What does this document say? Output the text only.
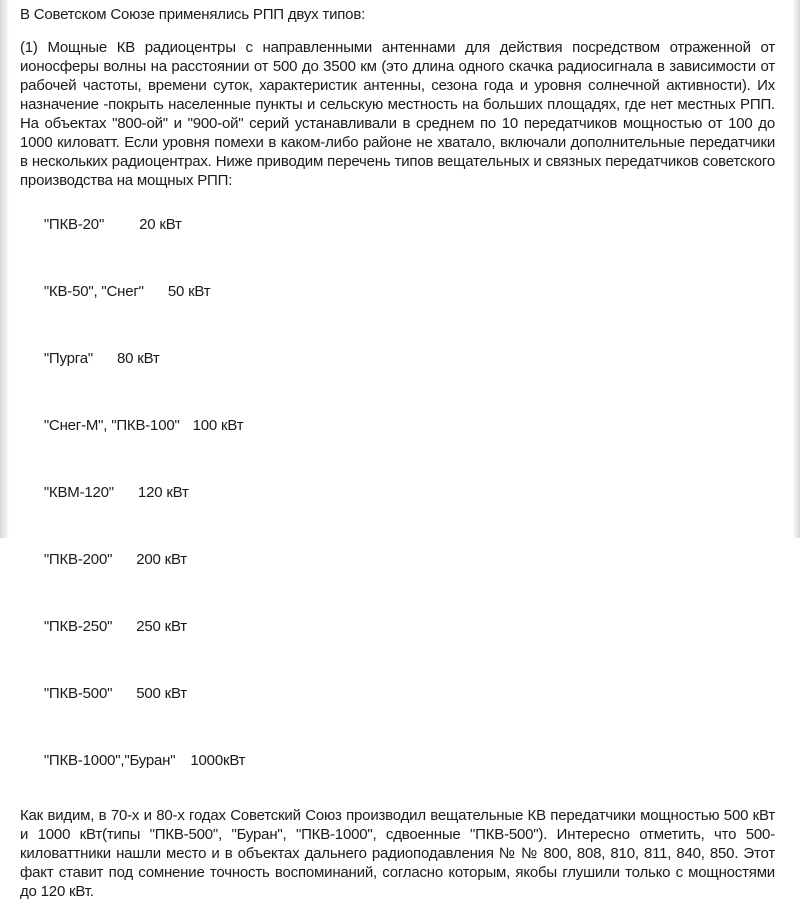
В Советском Союзе применялись РПП двух типов:

(1) Мощные КВ радиоцентры с направленными антеннами для действия посредством отраженной от ионосферы волны на расстоянии от 500 до 3500 км (это длина одного скачка радиосигнала в зависимости от рабочей частоты, времени суток, характеристик антенны, сезона года и уровня солнечной активности). Их назначение -покрыть населенные пункты и сельскую местность на больших площадях, где нет местных РПП. На объектах "800-ой" и "900-ой" серий устанавливали в среднем по 10 передатчиков мощностью от 100 до 1000 киловатт. Если уровня помехи в каком-либо районе не хватало, включали дополнительные передатчики в нескольких радиоцентрах. Ниже приводим перечень типов вещательных и связных передатчиков советского производства на мощных РПП:

"ПКВ-20" 20 кВт

"КВ-50", "Снег" 50 кВт

"Пурга" 80 кВт

"Снег-М", "ПКВ-100" 100 кВт

"КВМ-120" 120 кВт

"ПКВ-200" 200 кВт

"ПКВ-250" 250 кВт

"ПКВ-500" 500 кВт

"ПКВ-1000","Буран" 1000кВт

Как видим, в 70-х и 80-х годах Советский Союз производил вещательные КВ передатчики мощностью 500 кВт и 1000 кВт(типы "ПКВ-500", "Буран", "ПКВ-1000", сдвоенные "ПКВ-500"). Интересно отметить, что 500-киловаттники нашли место и в объектах дальнего радиоподавления № № 800, 808, 810, 811, 840, 850. Этот факт ставит под сомнение точность воспоминаний, согласно которым, якобы глушили только с мощностями до 120 кВт.
